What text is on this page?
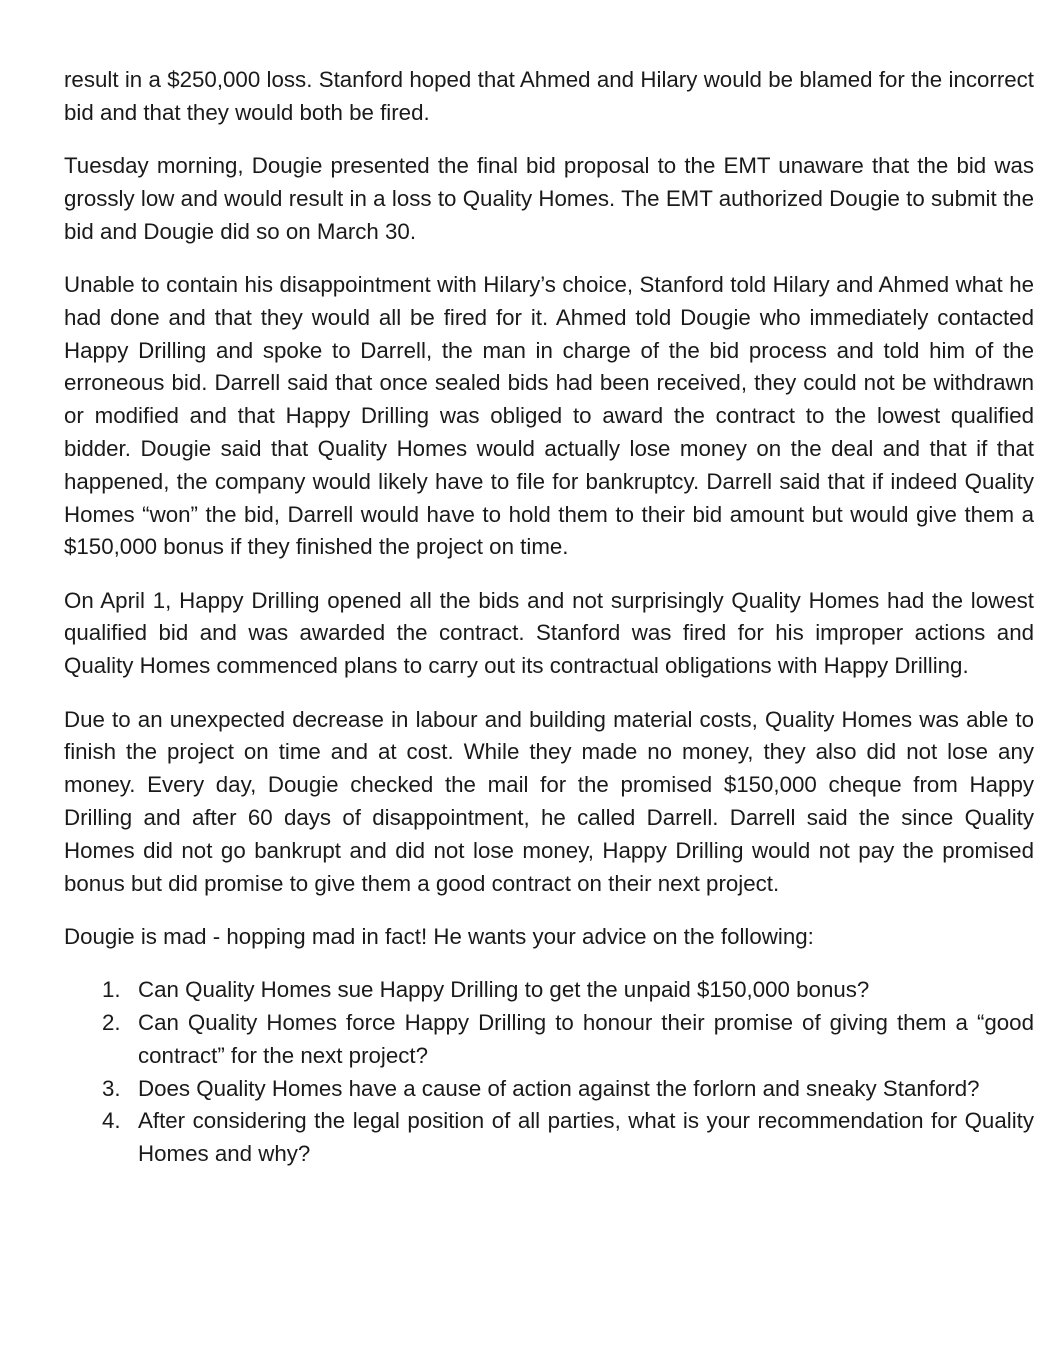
result in a $250,000 loss. Stanford hoped that Ahmed and Hilary would be blamed for the incorrect bid and that they would both be fired.

Tuesday morning, Dougie presented the final bid proposal to the EMT unaware that the bid was grossly low and would result in a loss to Quality Homes. The EMT authorized Dougie to submit the bid and Dougie did so on March 30.

Unable to contain his disappointment with Hilary’s choice, Stanford told Hilary and Ahmed what he had done and that they would all be fired for it. Ahmed told Dougie who immediately contacted Happy Drilling and spoke to Darrell, the man in charge of the bid process and told him of the erroneous bid. Darrell said that once sealed bids had been received, they could not be withdrawn or modified and that Happy Drilling was obliged to award the contract to the lowest qualified bidder. Dougie said that Quality Homes would actually lose money on the deal and that if that happened, the company would likely have to file for bankruptcy. Darrell said that if indeed Quality Homes “won” the bid, Darrell would have to hold them to their bid amount but would give them a $150,000 bonus if they finished the project on time.

On April 1, Happy Drilling opened all the bids and not surprisingly Quality Homes had the lowest qualified bid and was awarded the contract. Stanford was fired for his improper actions and Quality Homes commenced plans to carry out its contractual obligations with Happy Drilling.

Due to an unexpected decrease in labour and building material costs, Quality Homes was able to finish the project on time and at cost. While they made no money, they also did not lose any money. Every day, Dougie checked the mail for the promised $150,000 cheque from Happy Drilling and after 60 days of disappointment, he called Darrell. Darrell said the since Quality Homes did not go bankrupt and did not lose money, Happy Drilling would not pay the promised bonus but did promise to give them a good contract on their next project.

Dougie is mad - hopping mad in fact! He wants your advice on the following:

1. Can Quality Homes sue Happy Drilling to get the unpaid $150,000 bonus?
2. Can Quality Homes force Happy Drilling to honour their promise of giving them a “good contract” for the next project?
3. Does Quality Homes have a cause of action against the forlorn and sneaky Stanford?
4. After considering the legal position of all parties, what is your recommendation for Quality Homes and why?
